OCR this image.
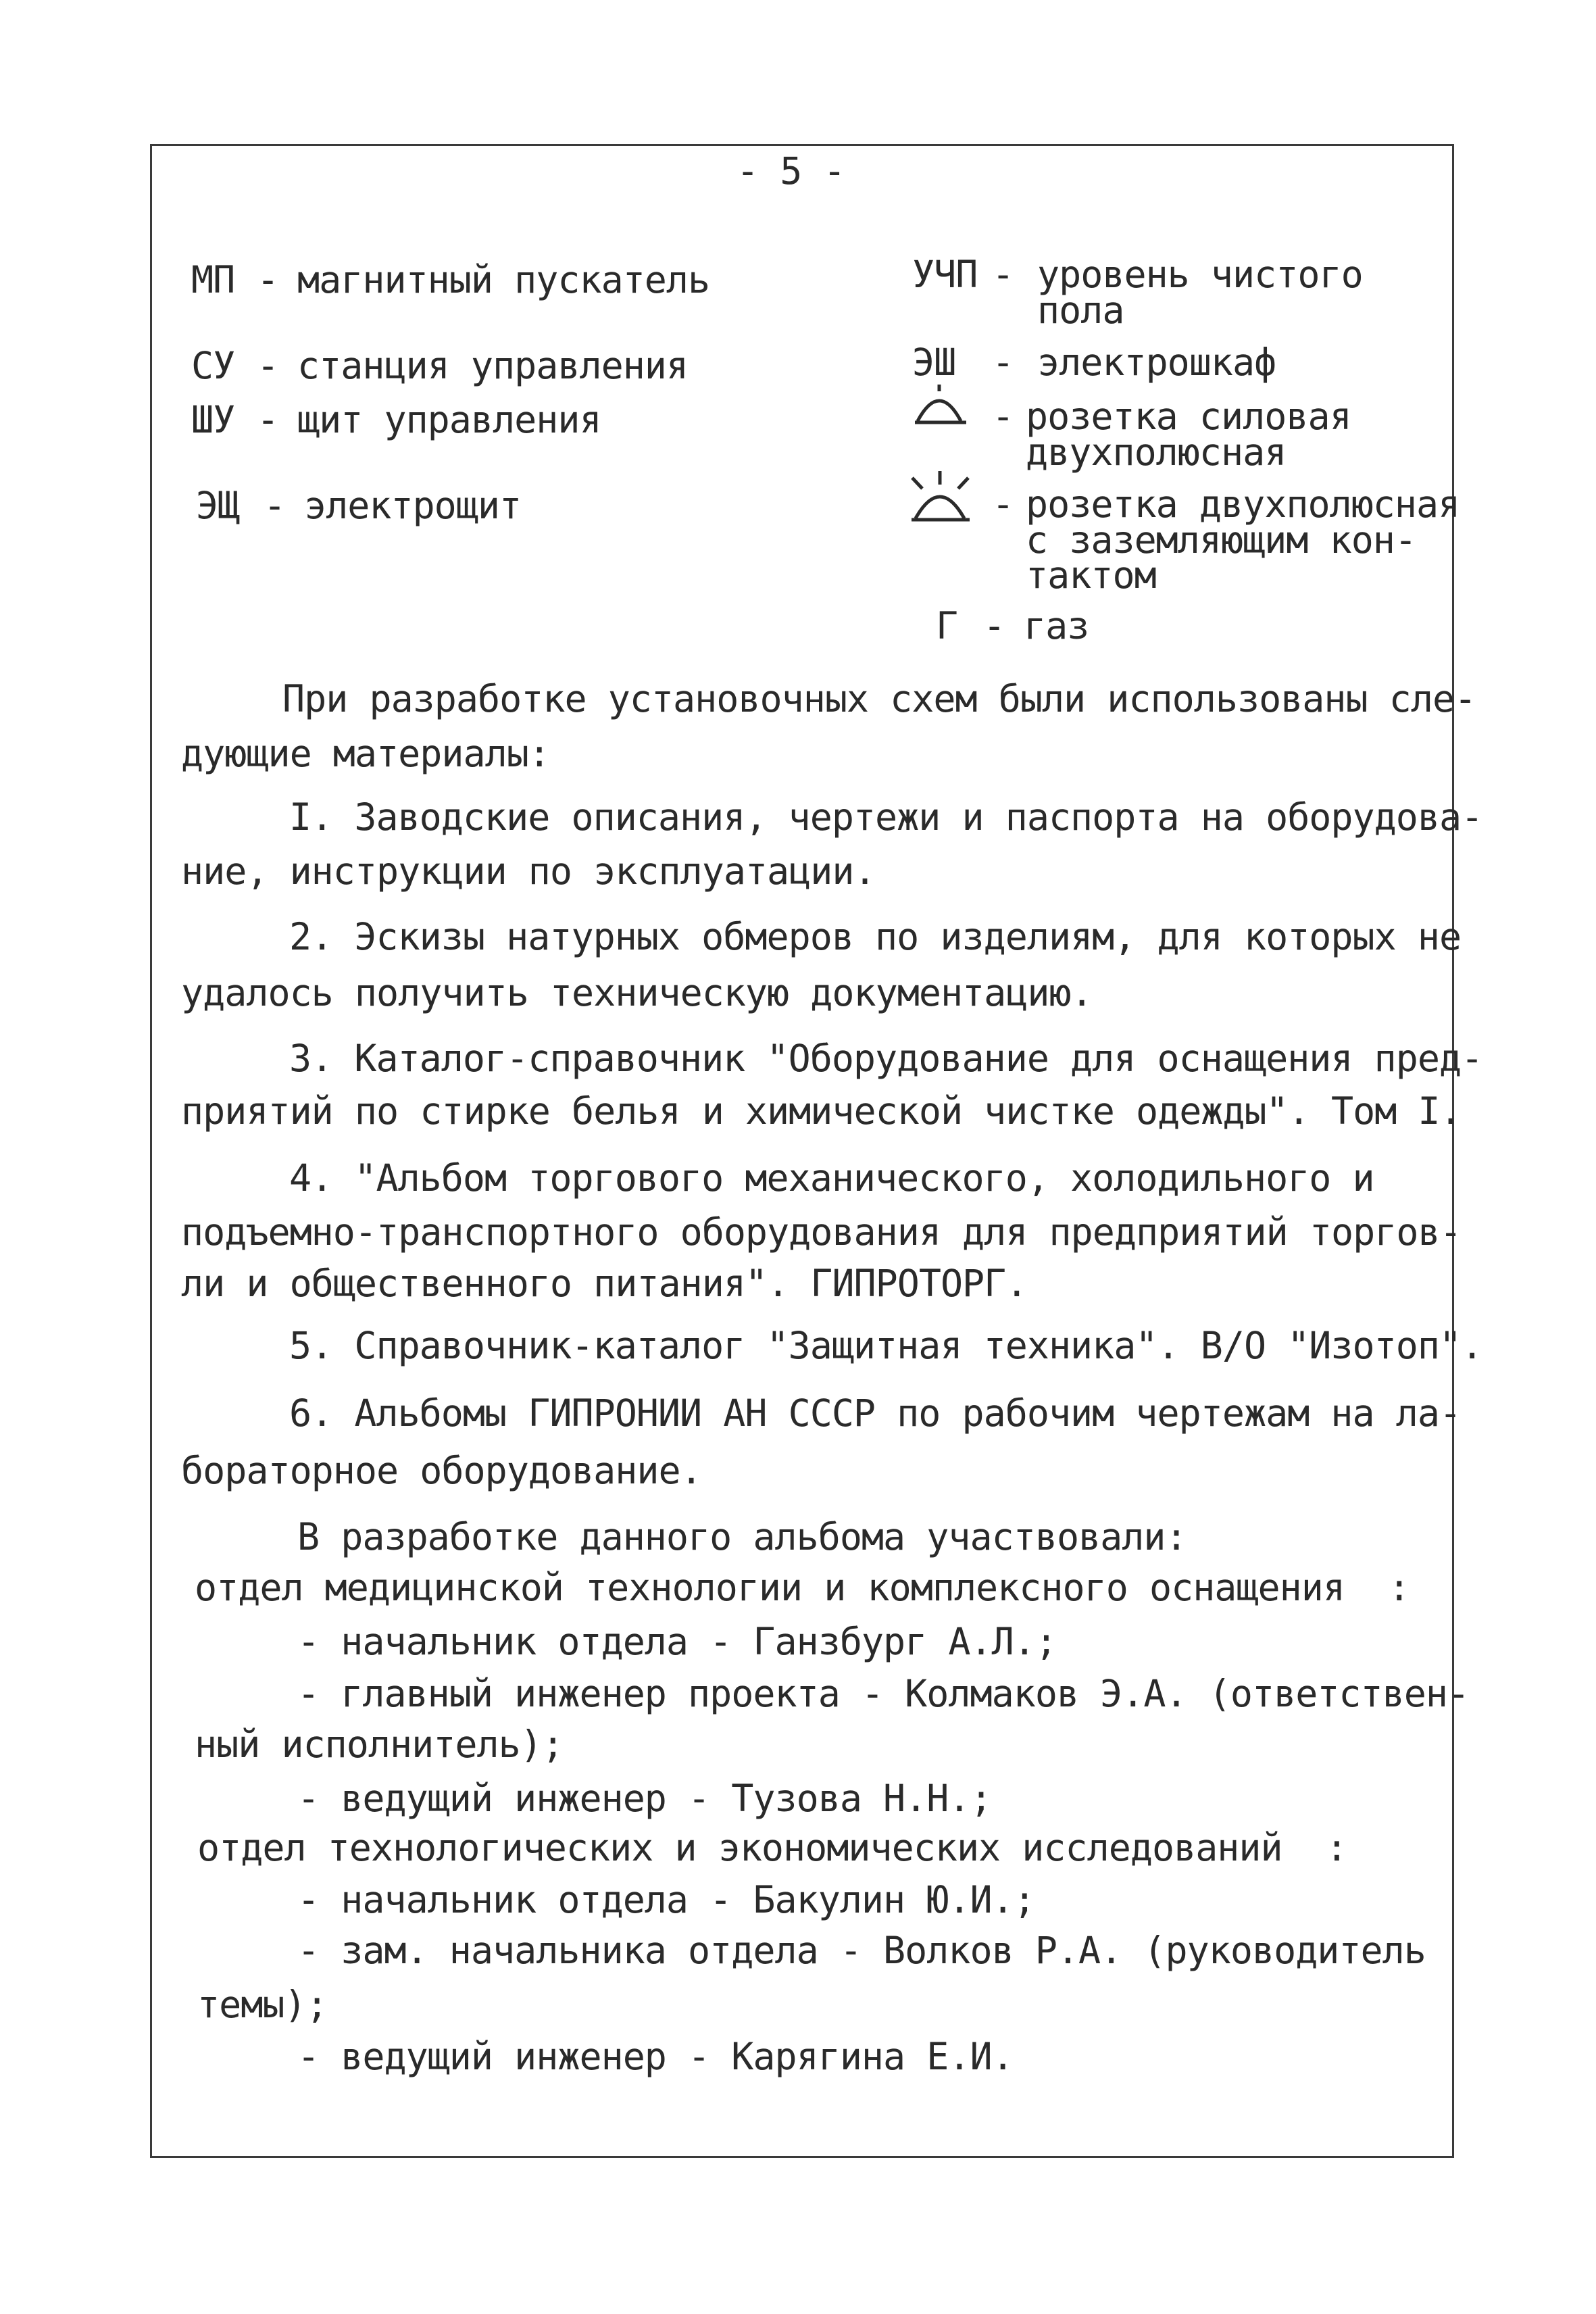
- 5 -
МП - магнитный пускатель
СУ - станция управления
ШУ - щит управления
ЭЩ - электрощит
УЧП - уровень чистого
пола
ЭШ - электрошкаф
- розетка силовая
двухполюсная
- розетка двухполюсная
с заземляющим кон-
тактом
Г - газ
При разработке установочных схем были использованы сле-
дующие материалы:
I. Заводские описания, чертежи и паспорта на оборудова-
ние, инструкции по эксплуатации.
2. Эскизы натурных обмеров по изделиям, для которых не
удалось получить техническую документацию.
3. Каталог-справочник "Оборудование для оснащения пред-
приятий по стирке белья и химической чистке одежды". Том I.
4. "Альбом торгового механического, холодильного и
подъемно-транспортного оборудования для предприятий торгов-
ли и общественного питания". ГИПРОТОРГ.
5. Справочник-каталог "Защитная техника". В/О "Изотоп".
6. Альбомы ГИПРОНИИ АН СССР по рабочим чертежам на ла-
бораторное оборудование.
В разработке данного альбома участвовали:
отдел медицинской технологии и комплексного оснащения  :
- начальник отдела - Ганзбург А.Л.;
- главный инженер проекта - Колмаков Э.А. (ответствен-
ный исполнитель);
- ведущий инженер - Тузова Н.Н.;
отдел технологических и экономических исследований  :
- начальник отдела - Бакулин Ю.И.;
- зам. начальника отдела - Волков Р.А. (руководитель
темы);
- ведущий инженер - Карягина Е.И.
